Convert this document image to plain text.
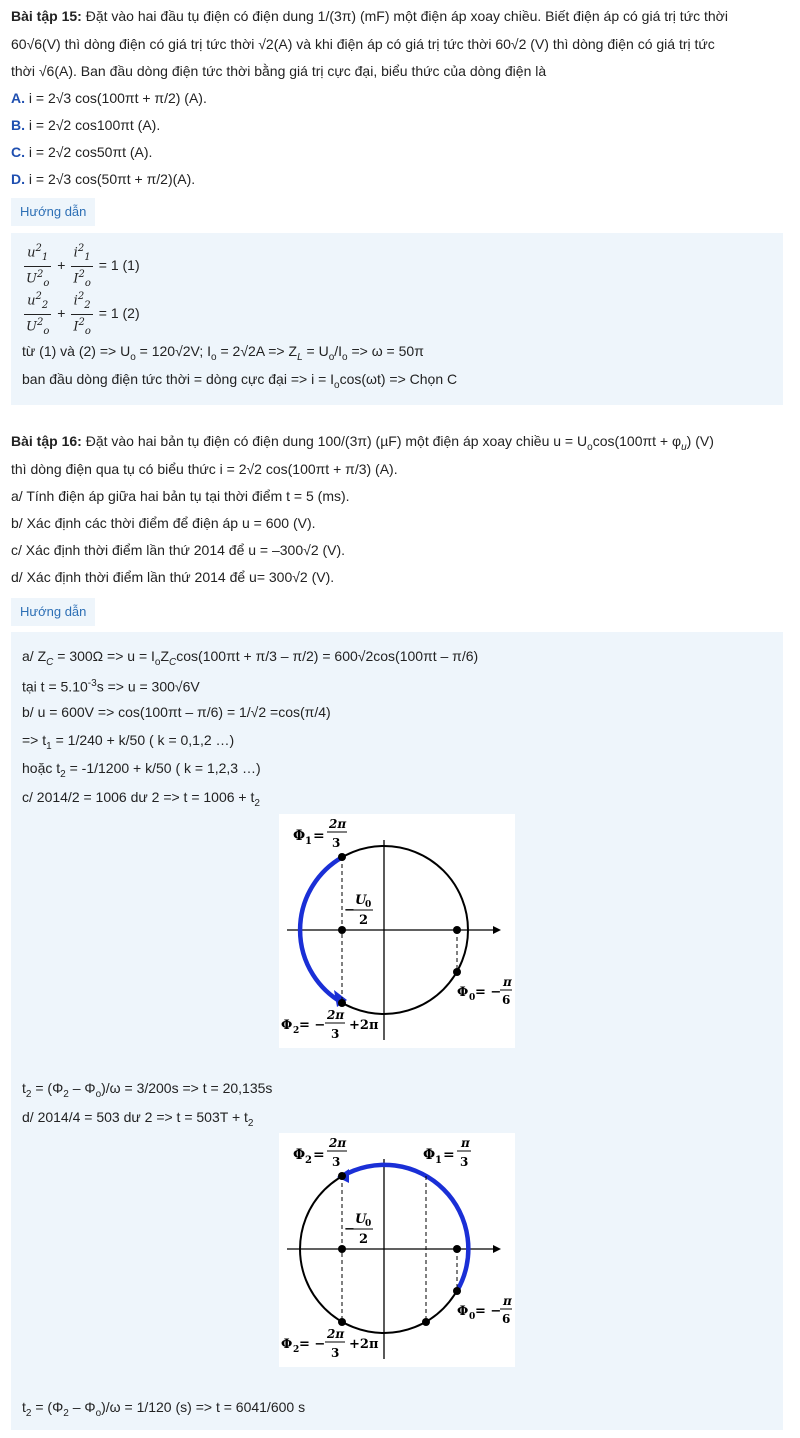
Bài tập 15: Đặt vào hai đầu tụ điện có điện dung 1/(3π) (mF) một điện áp xoay chiều. Biết điện áp có giá trị tức thời
60√6(V) thì dòng điện có giá trị tức thời √2(A) và khi điện áp có giá trị tức thời 60√2 (V) thì dòng điện có giá trị tức
thời √6(A). Ban đầu dòng điện tức thời bằng giá trị cực đại, biểu thức của dòng điện là
A. i = 2√3 cos(100πt + π/2) (A).
B. i = 2√2 cos100πt (A).
C. i = 2√2 cos50πt (A).
D. i = 2√3 cos(50πt + π/2)(A).
Hướng dẫn
$\frac{u^2_1}{U^2_o} + \frac{i^2_1}{I^2_o} = 1$ (1)
$\frac{u^2_2}{U^2_o} + \frac{i^2_2}{I^2_o} = 1$ (2)
từ (1) và $(2) => U_o = 120√2V$; $I_o = 2√2A => Z_L = U_o/I_o => \omega = 50\pi$
ban đầu dòng điện tức thời = dòng cực đại => $i = I_o\cos(\omega t)$ => Chọn C
Bài tập 16: Đặt vào hai bản tụ điện có điện dung 100/(3π) (µF) một điện áp xoay chiều $u = U_o\cos(100\pi t + \varphi_u)$ (V)
thì dòng điện qua tụ có biểu thức i = 2√2 cos(100πt + π/3) (A).
a/ Tính điện áp giữa hai bản tụ tại thời điểm t = 5 (ms).
b/ Xác định các thời điểm để điện áp u = 600 (V).
c/ Xác định thời điểm lần thứ 2014 để u = –300√2 (V).
d/ Xác định thời điểm lần thứ 2014 để u= 300√2 (V).
Hướng dẫn
a/ $Z_C = 300\Omega => u = I_oZ_C\cos(100\pi t + \pi/3 - \pi/2) = 600√2\cos(100\pi t - \pi/6)$
tại $t = 5.10^{-3}s => u = 300√6V$
b/ u = 600V => cos(100πt – π/6) = 1/√2 =cos(π/4)
=> $t_1 = 1/240 + k/50$ ( k = 0,1,2 …)
hoặc $t_2 = -1/1200 + k/50$ ( k = 1,2,3 …)
c/ 2014/2 = 1006 dư $2 => t = 1006 + t_2$
Φ 1 =
2π
3
−
U
0
2
Φ 0 = −
π
6
Φ 2 = −
2π
3
+2π
$t_2 = (\Phi_2 - \Phi_o)/\omega = 3/200s => t = 20,135s$
d/ 2014/4 = 503 dư $2 => t = 503T + t_2$
Φ 2 =
2π
3	Φ 1 =
π
3
−
U
0
2
Φ 0 = −
π
6
Φ 2 = −
2π
3
+2π
$t_2 = (\Phi_2 - \Phi_o)/\omega = 1/120$ (s) => t = 6041/600 s
